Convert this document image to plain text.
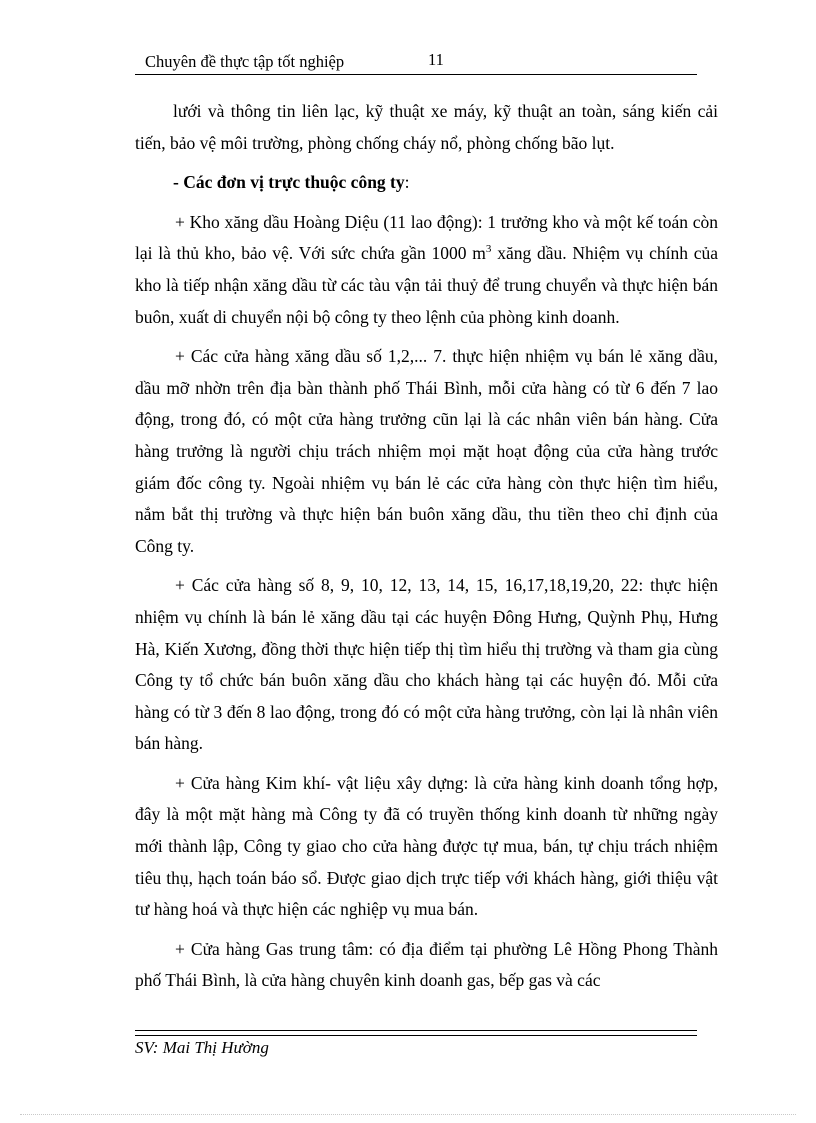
Chuyên đề thực tập tốt nghiệp	11

lưới và thông tin liên lạc, kỹ thuật xe máy, kỹ thuật an toàn, sáng kiến cải tiến, bảo vệ môi trường, phòng chống cháy nổ, phòng chống bão lụt.

- Các đơn vị trực thuộc công ty:

+ Kho xăng dầu Hoàng Diệu (11 lao động): 1 trưởng kho và một kế toán còn lại là thủ kho, bảo vệ. Với sức chứa gần 1000 $m^3$ xăng dầu. Nhiệm vụ chính của kho là tiếp nhận xăng dầu từ các tàu vận tải thuỷ để trung chuyển và thực hiện bán buôn, xuất di chuyển nội bộ công ty theo lệnh của phòng kinh doanh.

+ Các cửa hàng xăng dầu số 1,2,... 7. thực hiện nhiệm vụ bán lẻ xăng dầu, dầu mỡ nhờn trên địa bàn thành phố Thái Bình, mỗi cửa hàng có từ 6 đến 7 lao động, trong đó, có một cửa hàng trưởng cũn lại là các nhân viên bán hàng. Cửa hàng trưởng là người chịu trách nhiệm mọi mặt hoạt động của cửa hàng trước giám đốc công ty. Ngoài nhiệm vụ bán lẻ các cửa hàng còn thực hiện tìm hiểu, nắm bắt thị trường và thực hiện bán buôn xăng dầu, thu tiền theo chỉ định của Công ty.

+ Các cửa hàng số 8, 9, 10, 12, 13, 14, 15, 16,17,18,19,20, 22: thực hiện nhiệm vụ chính là bán lẻ xăng dầu tại các huyện Đông Hưng, Quỳnh Phụ, Hưng Hà, Kiến Xương, đồng thời thực hiện tiếp thị tìm hiểu thị trường và tham gia cùng Công ty tổ chức bán buôn xăng dầu cho khách hàng tại các huyện đó. Mỗi cửa hàng có từ 3 đến 8 lao động, trong đó có một cửa hàng trưởng, còn lại là nhân viên bán hàng.

+ Cửa hàng Kim khí- vật liệu xây dựng: là cửa hàng kinh doanh tổng hợp, đây là một mặt hàng mà Công ty đã có truyền thống kinh doanh từ những ngày mới thành lập, Công ty giao cho cửa hàng được tự mua, bán, tự chịu trách nhiệm tiêu thụ, hạch toán báo sổ. Được giao dịch trực tiếp với khách hàng, giới thiệu vật tư hàng hoá và thực hiện các nghiệp vụ mua bán.

+ Cửa hàng Gas trung tâm: có địa điểm tại phường Lê Hồng Phong Thành phố Thái Bình, là cửa hàng chuyên kinh doanh gas, bếp gas và các

SV: Mai Thị Hường
